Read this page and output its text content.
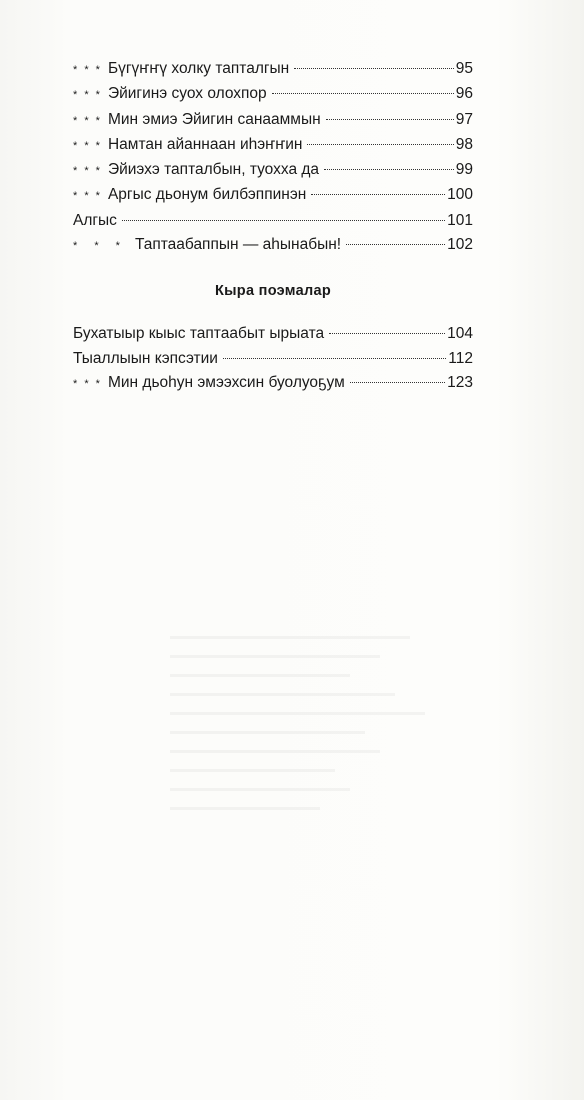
* * * Бүгүҥҥү холку тапталгын	95
* * * Эйигинэ суох олохпор	96
* * * Мин эмиэ Эйигин санааммын	97
* * * Намтан айаннаан иһэҥҥин	98
* * * Эйиэхэ тапталбын, туохха да	99
* * * Аргыс дьонум билбэппинэн	100
Алгыс	101
* * * Таптаабаппын — аһынабын!	102
Кыра поэмалар
Бухатыыр кыыс таптаабыт ырыата	104
Тыаллыын кэпсэтии	112
* * * Мин дьоһун эмээхсин буолуоҕум	123
